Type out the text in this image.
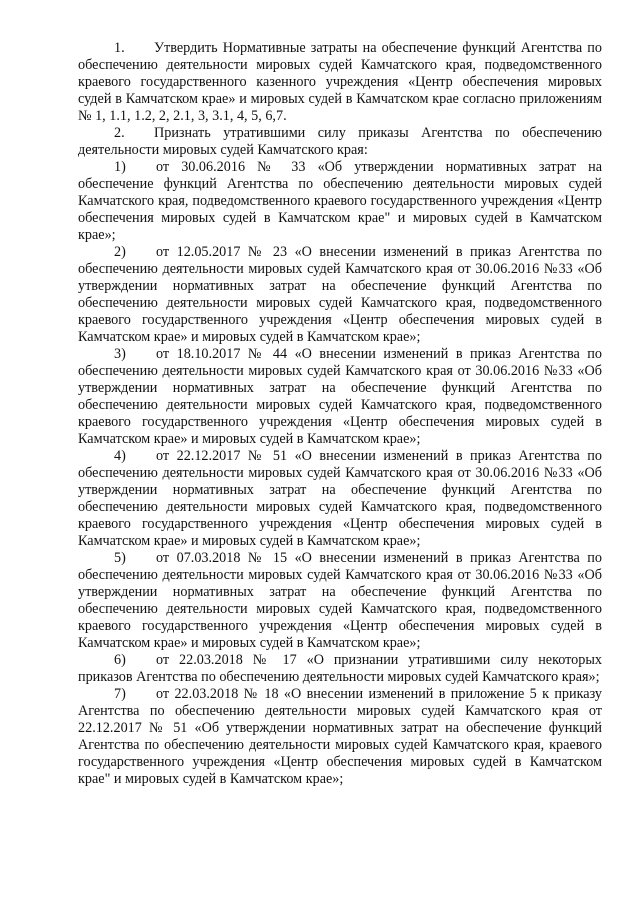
1. Утвердить Нормативные затраты на обеспечение функций Агентства по обеспечению деятельности мировых судей Камчатского края, подведомственного краевого государственного казенного учреждения «Центр обеспечения мировых судей в Камчатском крае» и мировых судей в Камчатском крае согласно приложениям № 1, 1.1, 1.2, 2, 2.1, 3, 3.1, 4, 5, 6,7.

2. Признать утратившими силу приказы Агентства по обеспечению деятельности мировых судей Камчатского края:

1) от 30.06.2016 № 33 «Об утверждении нормативных затрат на обеспечение функций Агентства по обеспечению деятельности мировых судей Камчатского края, подведомственного краевого государственного учреждения «Центр обеспечения мировых судей в Камчатском крае" и мировых судей в Камчатском крае»;

2) от 12.05.2017 № 23 «О внесении изменений в приказ Агентства по обеспечению деятельности мировых судей Камчатского края от 30.06.2016 №33 «Об утверждении нормативных затрат на обеспечение функций Агентства по обеспечению деятельности мировых судей Камчатского края, подведомственного краевого государственного учреждения «Центр обеспечения мировых судей в Камчатском крае» и мировых судей в Камчатском крае»;

3) от 18.10.2017 № 44 «О внесении изменений в приказ Агентства по обеспечению деятельности мировых судей Камчатского края от 30.06.2016 №33 «Об утверждении нормативных затрат на обеспечение функций Агентства по обеспечению деятельности мировых судей Камчатского края, подведомственного краевого государственного учреждения «Центр обеспечения мировых судей в Камчатском крае» и мировых судей в Камчатском крае»;

4) от 22.12.2017 № 51 «О внесении изменений в приказ Агентства по обеспечению деятельности мировых судей Камчатского края от 30.06.2016 №33 «Об утверждении нормативных затрат на обеспечение функций Агентства по обеспечению деятельности мировых судей Камчатского края, подведомственного краевого государственного учреждения «Центр обеспечения мировых судей в Камчатском крае» и мировых судей в Камчатском крае»;

5) от 07.03.2018 № 15 «О внесении изменений в приказ Агентства по обеспечению деятельности мировых судей Камчатского края от 30.06.2016 №33 «Об утверждении нормативных затрат на обеспечение функций Агентства по обеспечению деятельности мировых судей Камчатского края, подведомственного краевого государственного учреждения «Центр обеспечения мировых судей в Камчатском крае» и мировых судей в Камчатском крае»;

6) от 22.03.2018 № 17 «О признании утратившими силу некоторых приказов Агентства по обеспечению деятельности мировых судей Камчатского края»;

7) от 22.03.2018 № 18 «О внесении изменений в приложение 5 к приказу Агентства по обеспечению деятельности мировых судей Камчатского края от 22.12.2017 № 51 «Об утверждении нормативных затрат на обеспечение функций Агентства по обеспечению деятельности мировых судей Камчатского края, краевого государственного учреждения «Центр обеспечения мировых судей в Камчатском крае" и мировых судей в Камчатском крае»;
